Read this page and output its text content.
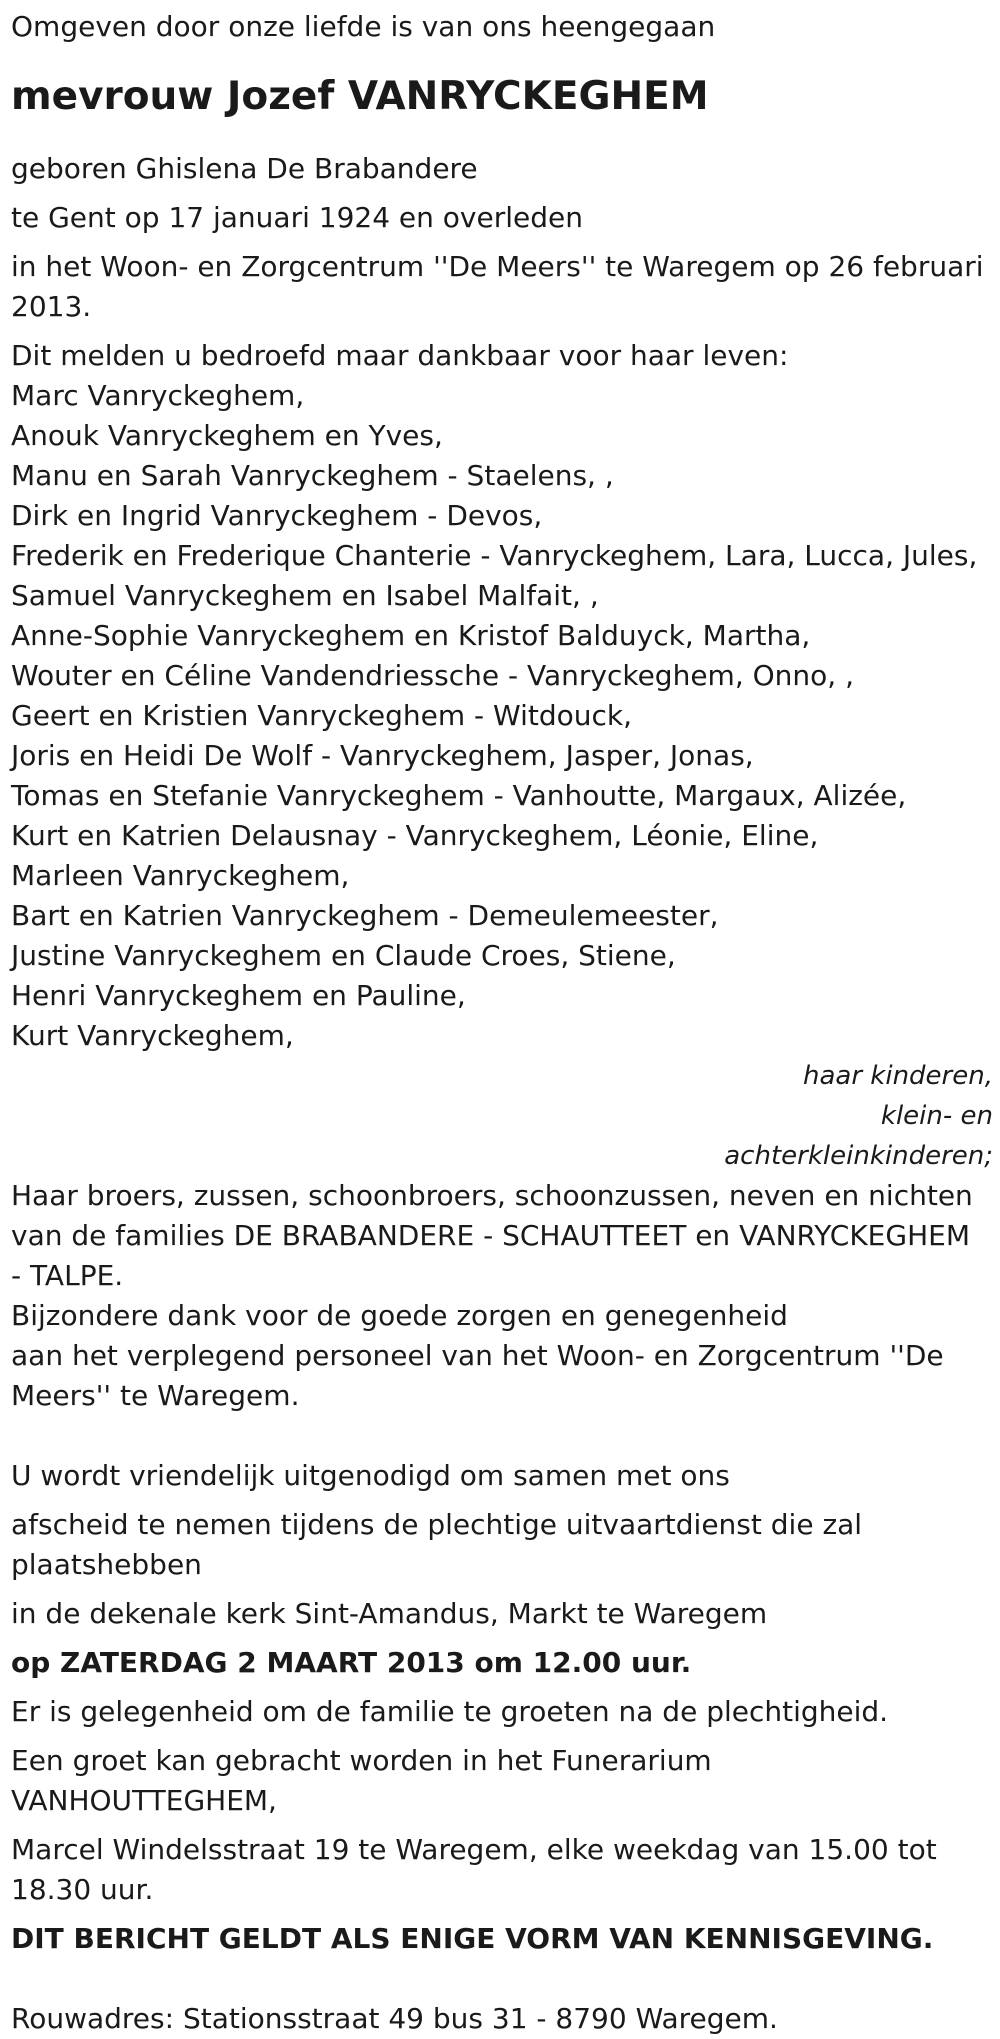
Omgeven door onze liefde is van ons heengegaan

mevrouw Jozef VANRYCKEGHEM

geboren Ghislena De Brabandere

te Gent op 17 januari 1924 en overleden

in het Woon- en Zorgcentrum ''De Meers'' te Waregem op 26 februari 2013.

Dit melden u bedroefd maar dankbaar voor haar leven:

Marc Vanryckeghem,

Anouk Vanryckeghem en Yves,

Manu en Sarah Vanryckeghem - Staelens, ,

Dirk en Ingrid Vanryckeghem - Devos,

Frederik en Frederique Chanterie - Vanryckeghem, Lara, Lucca, Jules,

Samuel Vanryckeghem en Isabel Malfait, ,

Anne-Sophie Vanryckeghem en Kristof Balduyck, Martha,

Wouter en Céline Vandendriessche - Vanryckeghem, Onno, ,

Geert en Kristien Vanryckeghem - Witdouck,

Joris en Heidi De Wolf - Vanryckeghem, Jasper, Jonas,

Tomas en Stefanie Vanryckeghem - Vanhoutte, Margaux, Alizée,

Kurt en Katrien Delausnay - Vanryckeghem, Léonie, Eline,

Marleen Vanryckeghem,

Bart en Katrien Vanryckeghem - Demeulemeester,

Justine Vanryckeghem en Claude Croes, Stiene,

Henri Vanryckeghem en Pauline,

Kurt Vanryckeghem,

haar kinderen,

klein- en

achterkleinkinderen;

Haar broers, zussen, schoonbroers, schoonzussen, neven en nichten van de families DE BRABANDERE - SCHAUTTEET en VANRYCKEGHEM - TALPE.

Bijzondere dank voor de goede zorgen en genegenheid

aan het verplegend personeel van het Woon- en Zorgcentrum ''De Meers'' te Waregem.

U wordt vriendelijk uitgenodigd om samen met ons

afscheid te nemen tijdens de plechtige uitvaartdienst die zal plaatshebben

in de dekenale kerk Sint-Amandus, Markt te Waregem

op ZATERDAG 2 MAART 2013 om 12.00 uur.

Er is gelegenheid om de familie te groeten na de plechtigheid.

Een groet kan gebracht worden in het Funerarium VANHOUTTEGHEM,

Marcel Windelsstraat 19 te Waregem, elke weekdag van 15.00 tot 18.30 uur.

DIT BERICHT GELDT ALS ENIGE VORM VAN KENNISGEVING.

Rouwadres: Stationsstraat 49 bus 31 - 8790 Waregem.
